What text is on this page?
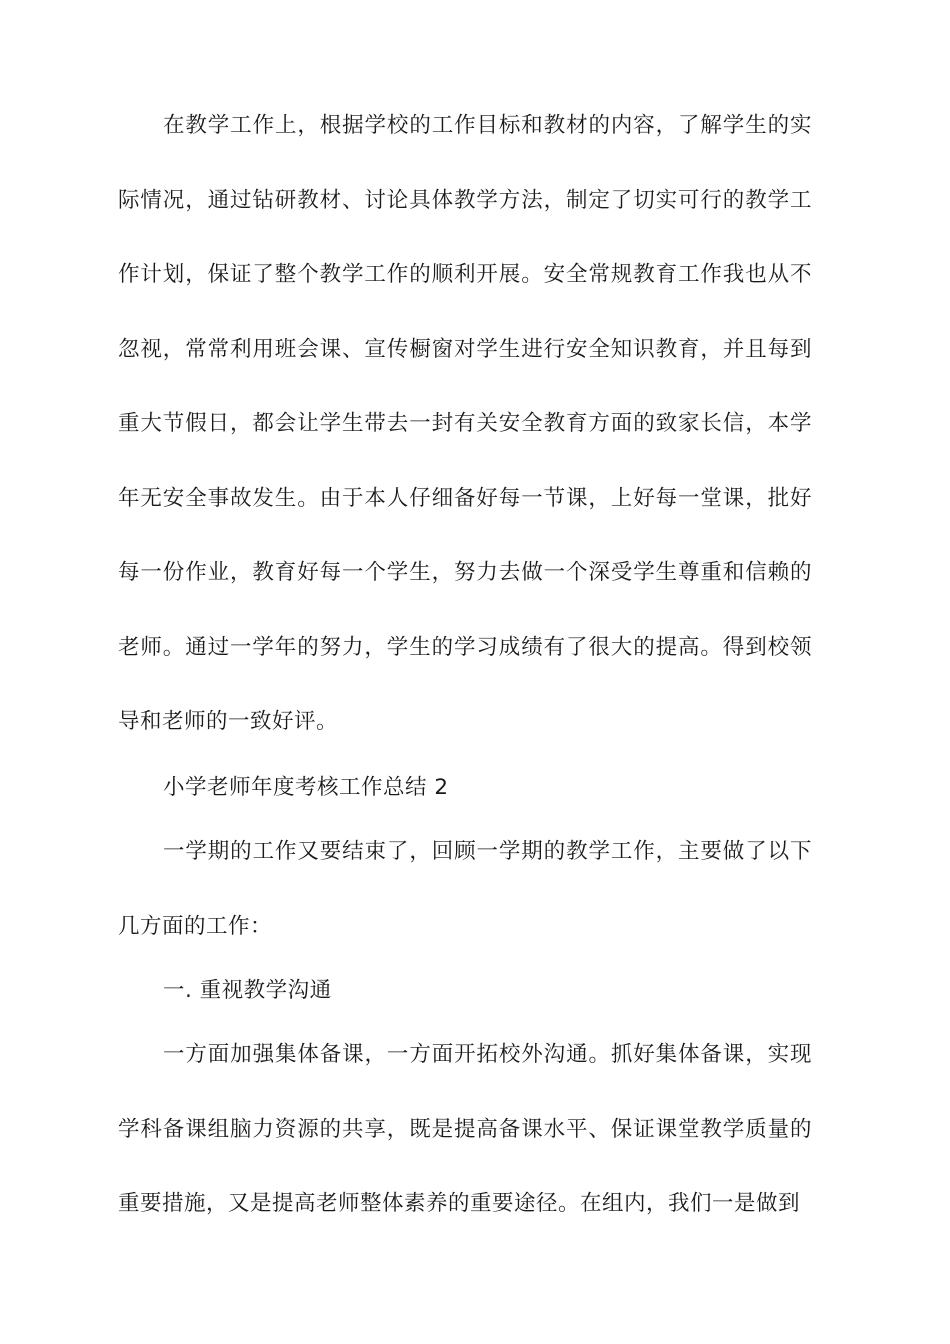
在教学工作上，根据学校的工作目标和教材的内容，了解学生的实际情况，通过钻研教材、讨论具体教学方法，制定了切实可行的教学工作计划，保证了整个教学工作的顺利开展。安全常规教育工作我也从不忽视，常常利用班会课、宣传橱窗对学生进行安全知识教育，并且每到重大节假日，都会让学生带去一封有关安全教育方面的致家长信，本学年无安全事故发生。由于本人仔细备好每一节课，上好每一堂课，批好每一份作业，教育好每一个学生，努力去做一个深受学生尊重和信赖的老师。通过一学年的努力，学生的学习成绩有了很大的提高。得到校领导和老师的一致好评。

小学老师年度考核工作总结 2

一学期的工作又要结束了，回顾一学期的教学工作，主要做了以下几方面的工作：

一. 重视教学沟通

一方面加强集体备课，一方面开拓校外沟通。抓好集体备课，实现学科备课组脑力资源的共享，既是提高备课水平、保证课堂教学质量的重要措施，又是提高老师整体素养的重要途径。在组内，我们一是做到
